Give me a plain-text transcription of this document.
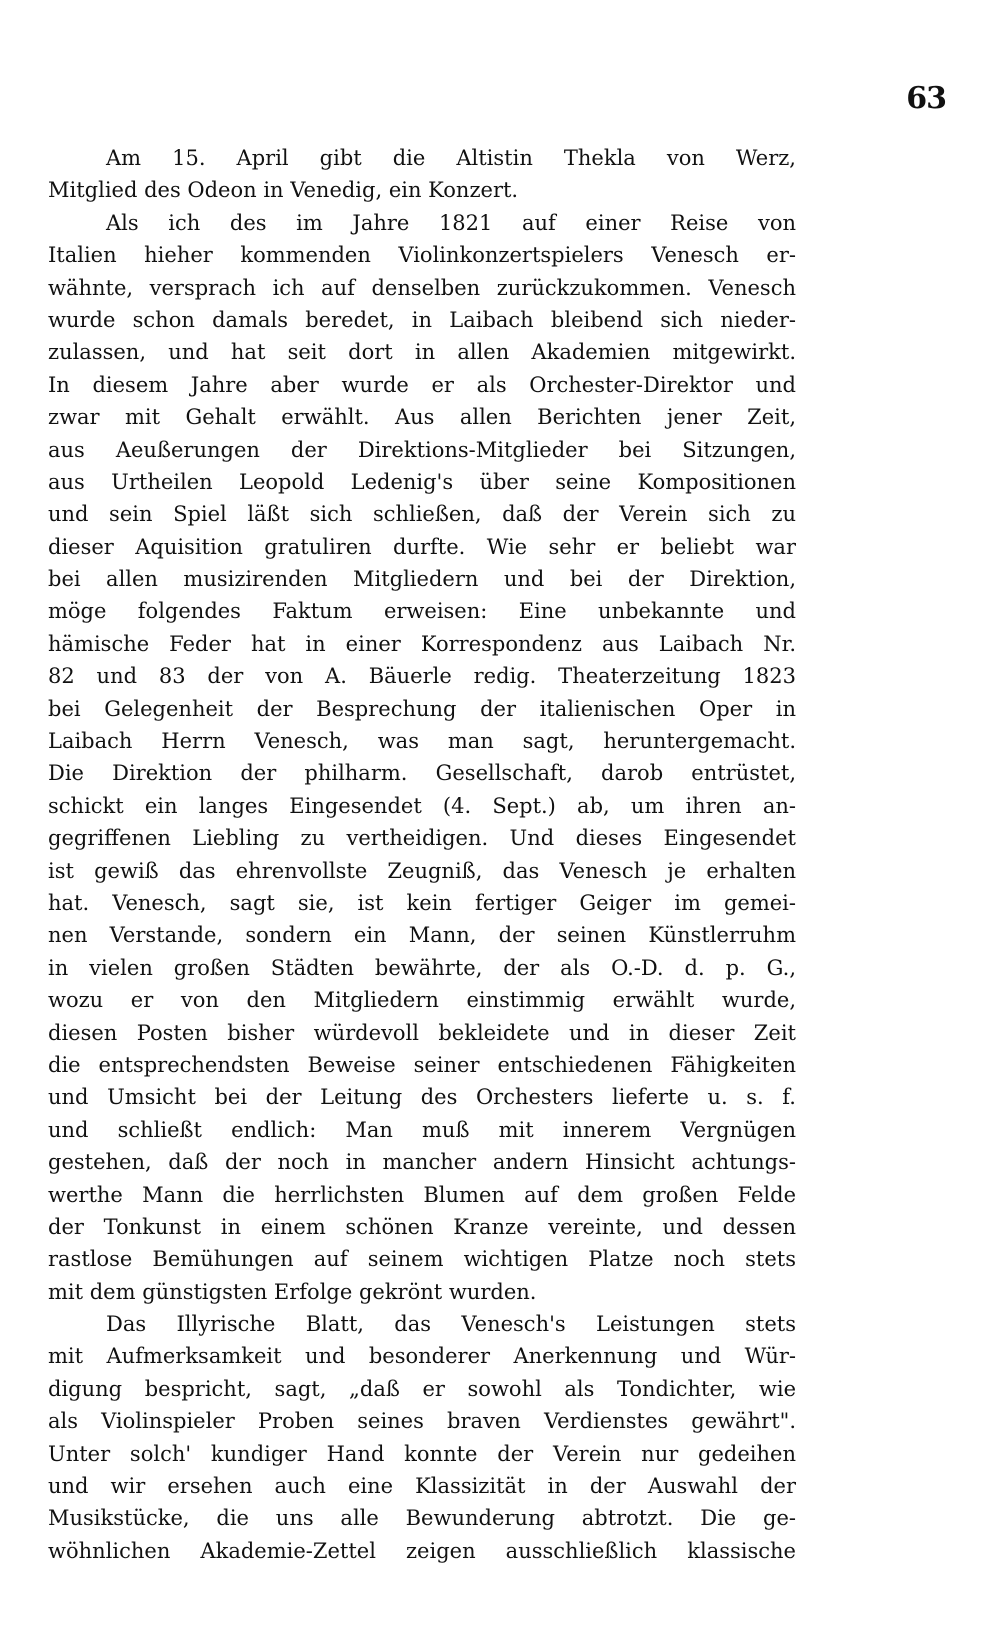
63
Am 15. April gibt die Altistin Thekla von Werz,
Mitglied des Odeon in Venedig, ein Konzert.
Als ich des im Jahre 1821 auf einer Reise von
Italien hieher kommenden Violinkonzertspielers Venesch er-
wähnte, versprach ich auf denselben zurückzukommen. Venesch
wurde schon damals beredet, in Laibach bleibend sich nieder-
zulassen, und hat seit dort in allen Akademien mitgewirkt.
In diesem Jahre aber wurde er als Orchester-Direktor und
zwar mit Gehalt erwählt. Aus allen Berichten jener Zeit,
aus Aeußerungen der Direktions-Mitglieder bei Sitzungen,
aus Urtheilen Leopold Ledenig's über seine Kompositionen
und sein Spiel läßt sich schließen, daß der Verein sich zu
dieser Aquisition gratuliren durfte. Wie sehr er beliebt war
bei allen musizirenden Mitgliedern und bei der Direktion,
möge folgendes Faktum erweisen: Eine unbekannte und
hämische Feder hat in einer Korrespondenz aus Laibach Nr.
82 und 83 der von A. Bäuerle redig. Theaterzeitung 1823
bei Gelegenheit der Besprechung der italienischen Oper in
Laibach Herrn Venesch, was man sagt, heruntergemacht.
Die Direktion der philharm. Gesellschaft, darob entrüstet,
schickt ein langes Eingesendet (4. Sept.) ab, um ihren an-
gegriffenen Liebling zu vertheidigen. Und dieses Eingesendet
ist gewiß das ehrenvollste Zeugniß, das Venesch je erhalten
hat. Venesch, sagt sie, ist kein fertiger Geiger im gemei-
nen Verstande, sondern ein Mann, der seinen Künstlerruhm
in vielen großen Städten bewährte, der als O.-D. d. p. G.,
wozu er von den Mitgliedern einstimmig erwählt wurde,
diesen Posten bisher würdevoll bekleidete und in dieser Zeit
die entsprechendsten Beweise seiner entschiedenen Fähigkeiten
und Umsicht bei der Leitung des Orchesters lieferte u. s. f.
und schließt endlich: Man muß mit innerem Vergnügen
gestehen, daß der noch in mancher andern Hinsicht achtungs-
werthe Mann die herrlichsten Blumen auf dem großen Felde
der Tonkunst in einem schönen Kranze vereinte, und dessen
rastlose Bemühungen auf seinem wichtigen Platze noch stets
mit dem günstigsten Erfolge gekrönt wurden.
Das Illyrische Blatt, das Venesch's Leistungen stets
mit Aufmerksamkeit und besonderer Anerkennung und Wür-
digung bespricht, sagt, „daß er sowohl als Tondichter, wie
als Violinspieler Proben seines braven Verdienstes gewährt".
Unter solch' kundiger Hand konnte der Verein nur gedeihen
und wir ersehen auch eine Klassizität in der Auswahl der
Musikstücke, die uns alle Bewunderung abtrotzt. Die ge-
wöhnlichen Akademie-Zettel zeigen ausschließlich klassische
